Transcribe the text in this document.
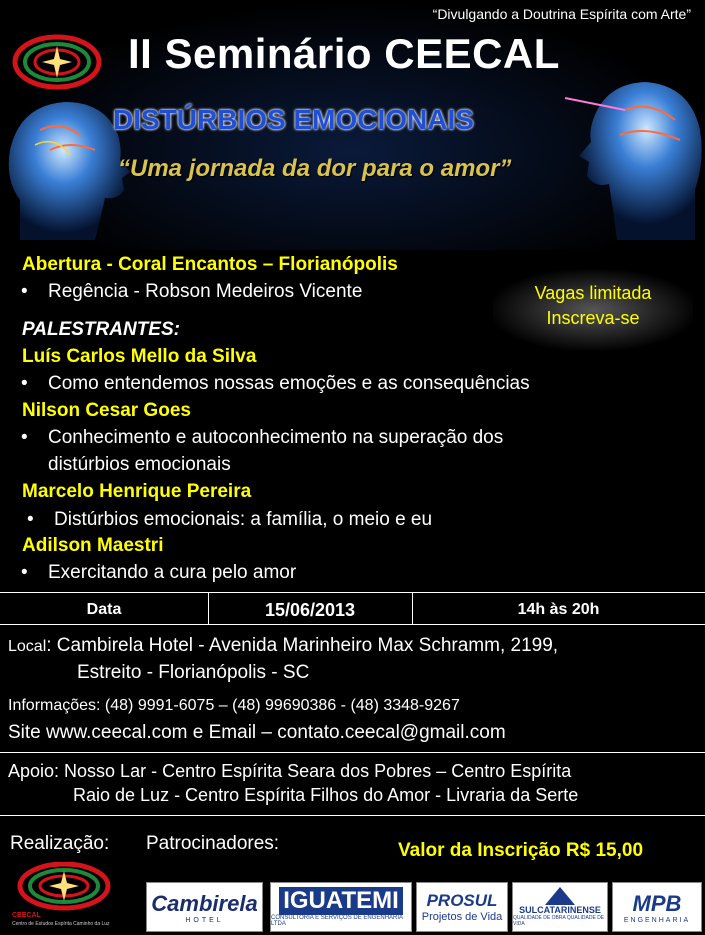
“Divulgando a Doutrina Espírita com Arte”
II Seminário CEECAL
DISTÚRBIOS EMOCIONAIS
“Uma jornada da dor para o amor”
Abertura - Coral Encantos – Florianópolis
• Regência - Robson Medeiros Vicente	Vagas limitada
Inscreva-se
PALESTRANTES:
Luís Carlos Mello da Silva
• Como entendemos nossas emoções e as consequências
Nilson Cesar Goes
• Conhecimento e autoconhecimento na superação dos
distúrbios emocionais
Marcelo Henrique Pereira
• Distúrbios emocionais: a família, o meio e eu
Adilson Maestri
• Exercitando a cura pelo amor
Data	15/06/2013	14h às 20h
Local: Cambirela Hotel - Avenida Marinheiro Max Schramm, 2199,
Estreito - Florianópolis - SC
Informações: (48) 9991-6075 – (48) 99690386 - (48) 3348-9267
Site www.ceecal.com e Email – contato.ceecal@gmail.com
Apoio: Nosso Lar - Centro Espírita Seara dos Pobres – Centro Espírita
Raio de Luz - Centro Espírita Filhos do Amor - Livraria da Serte
Realização: Patrocinadores:	Valor da Inscrição R$ 15,00
CEECAL
Centro de Estudos Espírita Caminho da Luz
Cambirela
HOTEL
IGUATEMI
CONSULTORIA E SERVIÇOS DE ENGENHARIA LTDA
PROSUL
Projetos de Vida
SULCATARINENSE
QUALIDADE DE OBRA QUALIDADE DE VIDA
MPB
ENGENHARIA
